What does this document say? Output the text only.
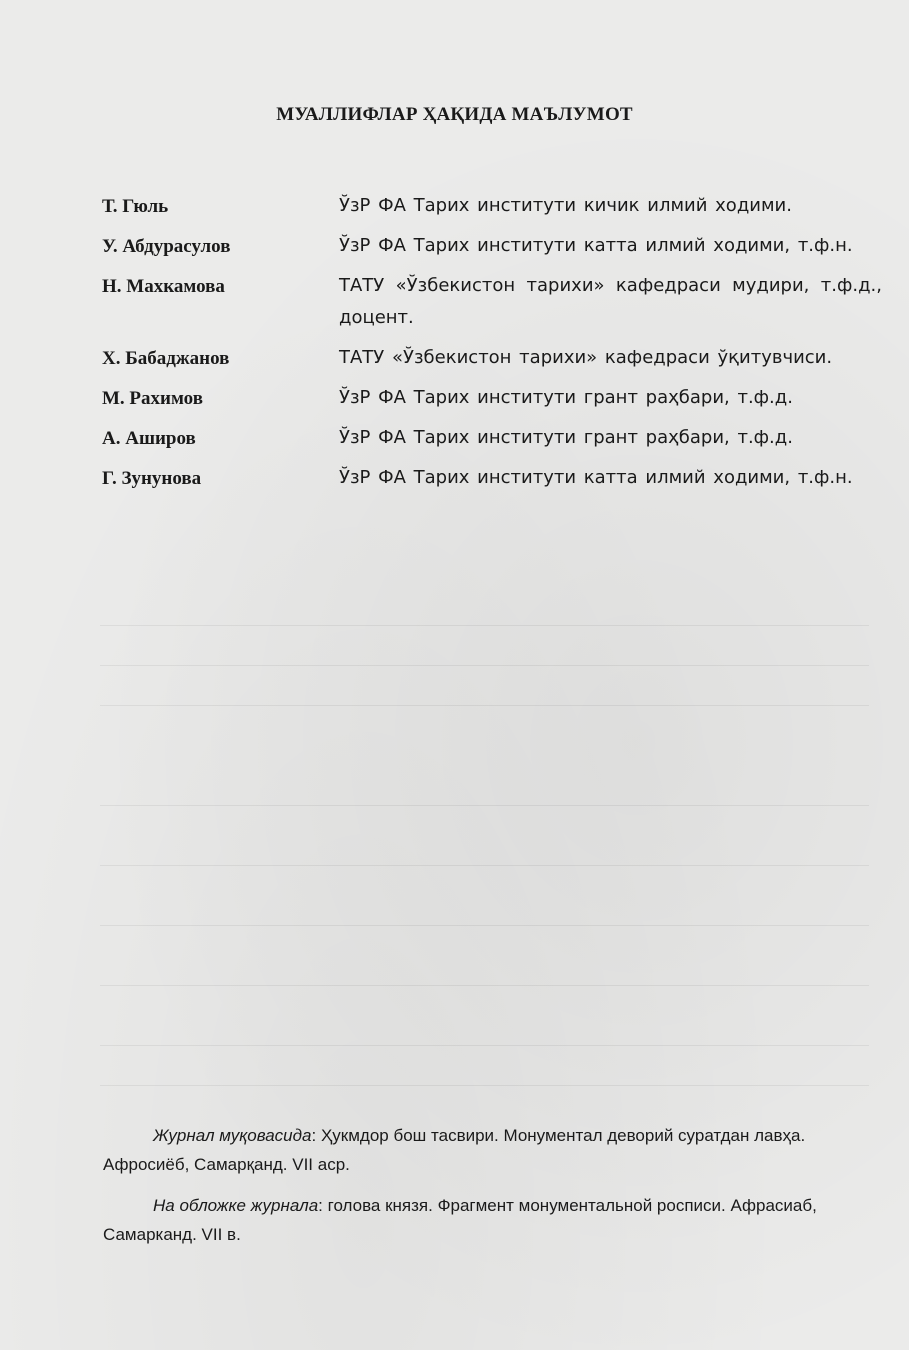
МУАЛЛИФЛАР ҲАҚИДА МАЪЛУМОТ
Т. Гюль	ЎзР ФА Тарих институти кичик илмий ходими.
У. Абдурасулов	ЎзР ФА Тарих институти катта илмий ходими, т.ф.н.
Н. Махкамова	ТАТУ «Ўзбекистон тарихи» кафедраси мудири, т.ф.д., доцент.
Х. Бабаджанов	ТАТУ «Ўзбекистон тарихи» кафедраси ўқитувчиси.
М. Рахимов	ЎзР ФА Тарих институти грант раҳбари, т.ф.д.
А. Аширов	ЎзР ФА Тарих институти грант раҳбари, т.ф.д.
Г. Зунунова	ЎзР ФА Тарих институти катта илмий ходими, т.ф.н.

Журнал муқовасида: Ҳукмдор бош тасвири. Монументал деворий суратдан лавҳа. Афросиёб, Самарқанд. VII аср.

На обложке журнала: голова князя. Фрагмент монументальной росписи. Афрасиаб, Самарканд. VII в.
